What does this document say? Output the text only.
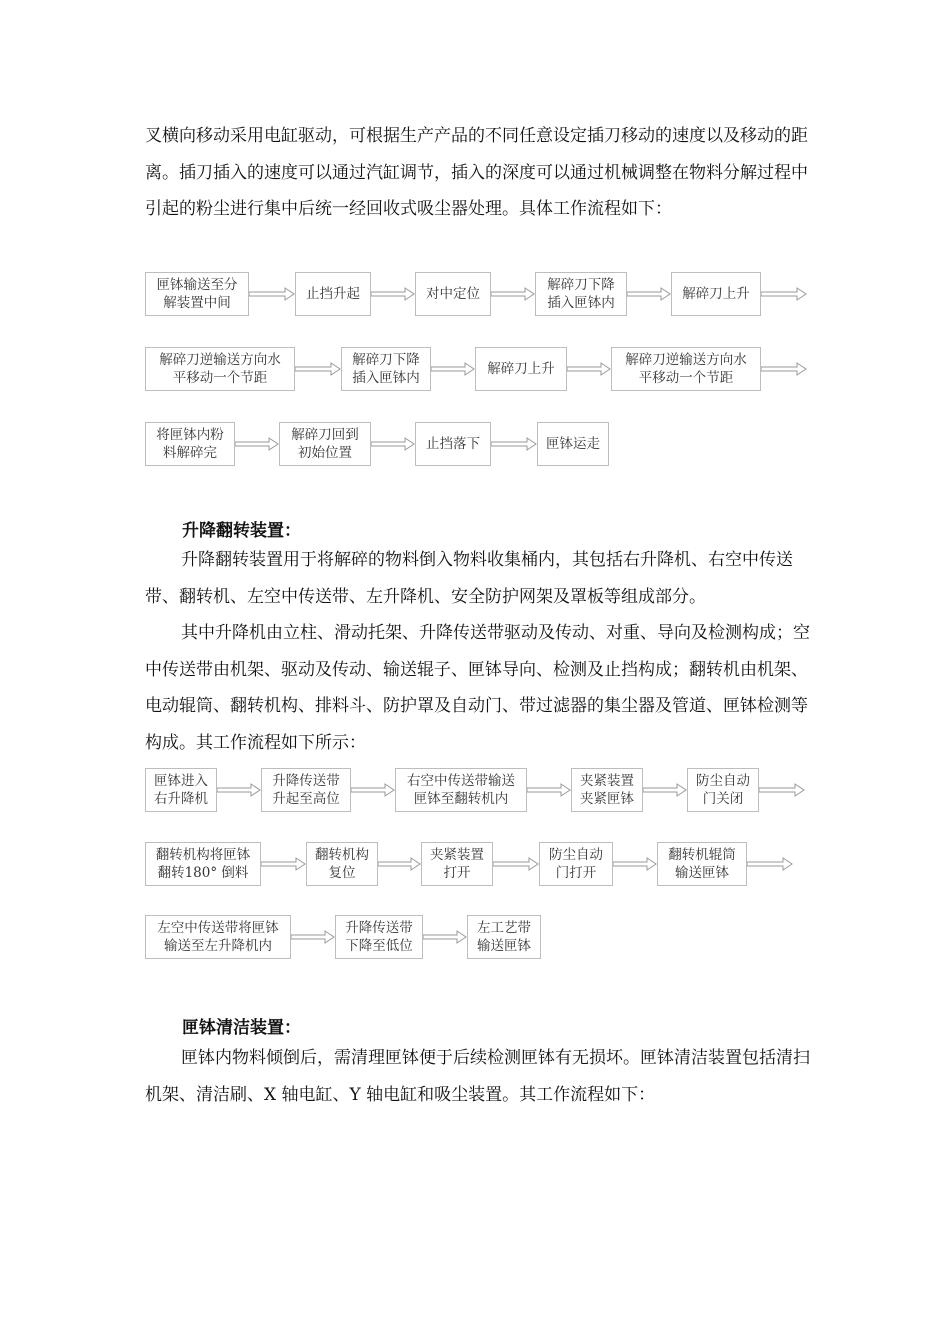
叉横向移动采用电缸驱动，可根据生产产品的不同任意设定插刀移动的速度以及移动的距离。插刀插入的速度可以通过汽缸调节，插入的深度可以通过机械调整在物料分解过程中引起的粉尘进行集中后统一经回收式吸尘器处理。具体工作流程如下：

匣钵输送至分
解装置中间
止挡升起	对中定位
解碎刀下降
插入匣钵内
解碎刀上升
解碎刀逆输送方向水
平移动一个节距
解碎刀下降
插入匣钵内
解碎刀上升
解碎刀逆输送方向水
平移动一个节距
将匣钵内粉
料解碎完
解碎刀回到
初始位置
止挡落下	匣钵运走

升降翻转装置：

升降翻转装置用于将解碎的物料倒入物料收集桶内，其包括右升降机、右空中传送带、翻转机、左空中传送带、左升降机、安全防护网架及罩板等组成部分。

其中升降机由立柱、滑动托架、升降传送带驱动及传动、对重、导向及检测构成；空中传送带由机架、驱动及传动、输送辊子、匣钵导向、检测及止挡构成；翻转机由机架、电动辊筒、翻转机构、排料斗、防护罩及自动门、带过滤器的集尘器及管道、匣钵检测等构成。其工作流程如下所示：

匣钵进入
右升降机
升降传送带
升起至高位
右空中传送带输送
匣钵至翻转机内
夹紧装置
夹紧匣钵
防尘自动
门关闭
翻转机构将匣钵
翻转180° 倒料
翻转机构
复位
夹紧装置
打开
防尘自动
门打开
翻转机辊筒
输送匣钵
左空中传送带将匣钵
输送至左升降机内
升降传送带
下降至低位
左工艺带
输送匣钵

匣钵清洁装置：

匣钵内物料倾倒后，需清理匣钵便于后续检测匣钵有无损坏。匣钵清洁装置包括清扫机架、清洁刷、X 轴电缸、Y 轴电缸和吸尘装置。其工作流程如下：
